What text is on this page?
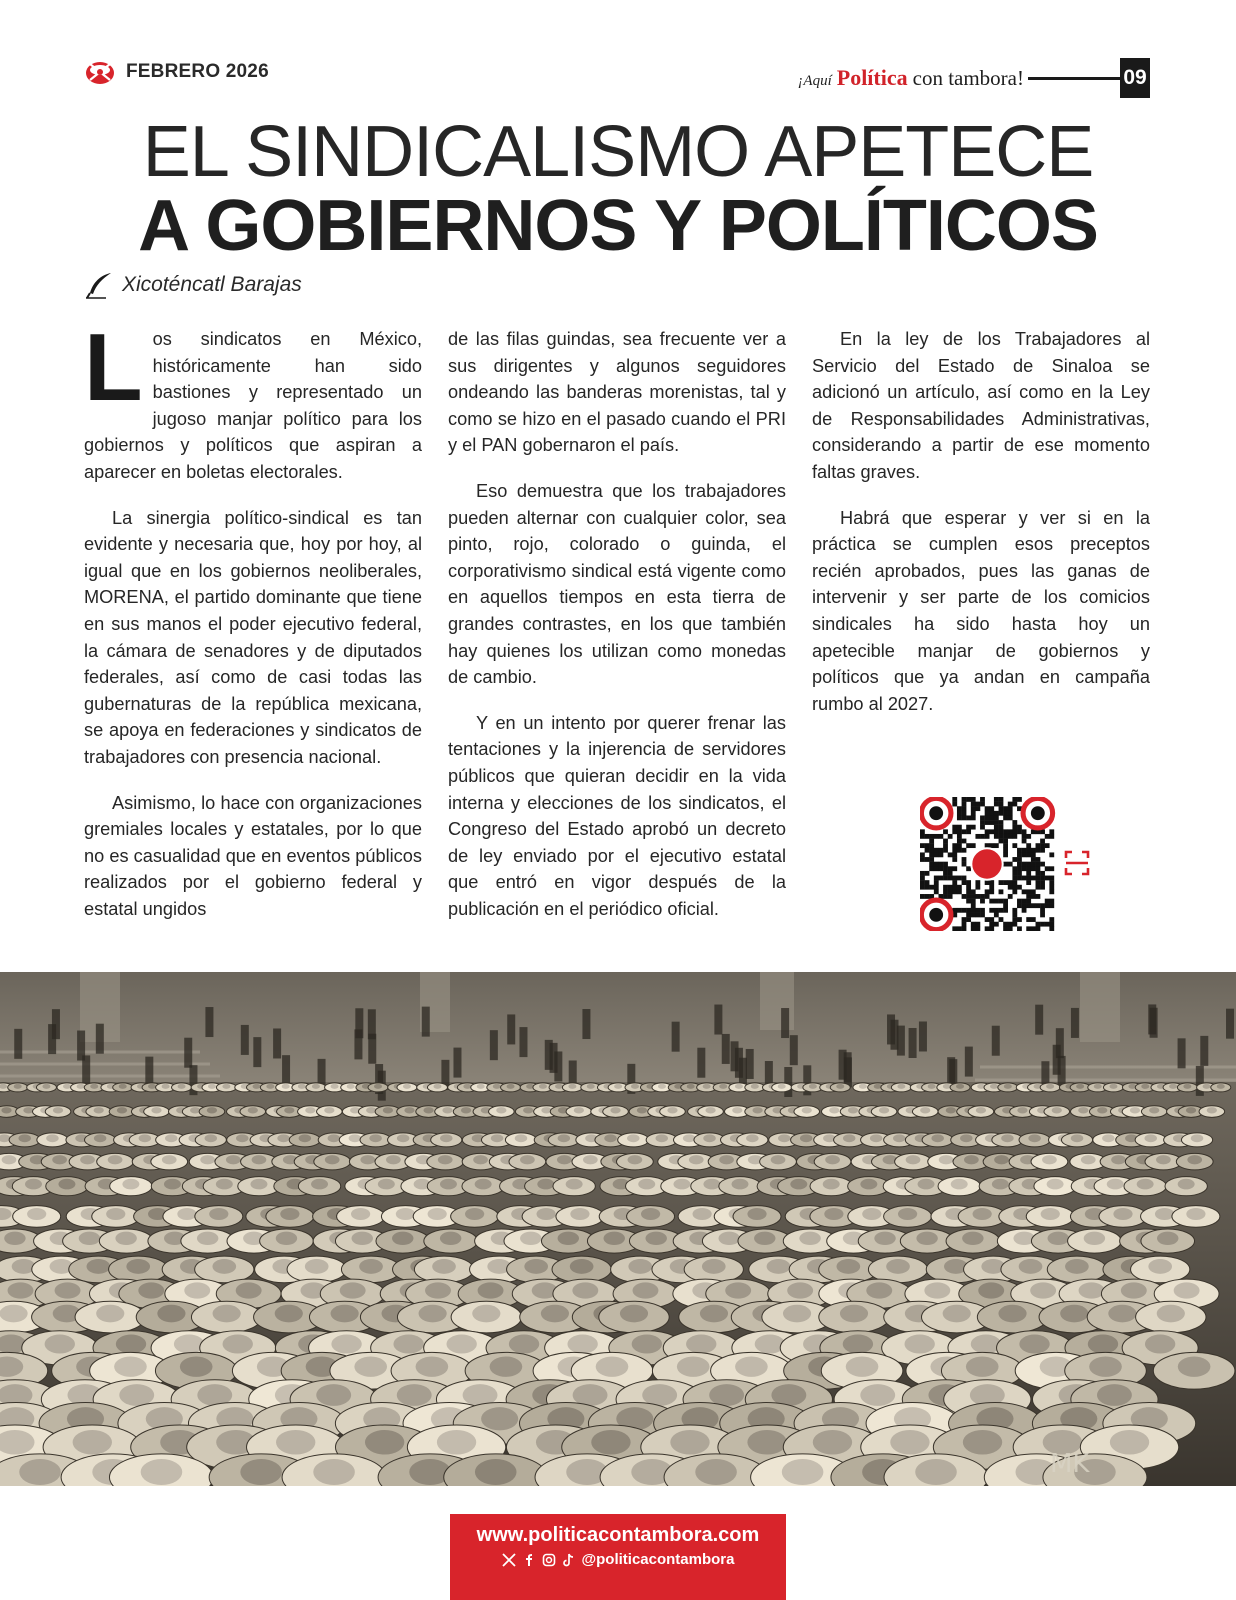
FEBRERO 2026	¡Aquí Política con tambora!	09
EL SINDICALISMO APETECE
A GOBIERNOS Y POLÍTICOS
Xicoténcatl Barajas

L os sindicatos en México, históricamente han sido bastiones y representado un jugoso manjar político para los gobiernos y políticos que aspiran a aparecer en boletas electorales.

La sinergia político-sindical es tan evidente y necesaria que, hoy por hoy, al igual que en los gobiernos neoliberales, MORENA, el partido dominante que tiene en sus manos el poder ejecutivo federal, la cámara de senadores y de diputados federales, así como de casi todas las gubernaturas de la república mexicana, se apoya en federaciones y sindicatos de trabajadores con presencia nacional.

Asimismo, lo hace con organizaciones gremiales locales y estatales, por lo que no es casualidad que en eventos públicos realizados por el gobierno federal y estatal ungidos

de las filas guindas, sea frecuente ver a sus dirigentes y algunos seguidores ondeando las banderas morenistas, tal y como se hizo en el pasado cuando el PRI y el PAN gobernaron el país.

Eso demuestra que los trabajadores pueden alternar con cualquier color, sea pinto, rojo, colorado o guinda, el corporativismo sindical está vigente como en aquellos tiempos en esta tierra de grandes contrastes, en los que también hay quienes los utilizan como monedas de cambio.

Y en un intento por querer frenar las tentaciones y la injerencia de servidores públicos que quieran decidir en la vida interna y elecciones de los sindicatos, el Congreso del Estado aprobó un decreto de ley enviado por el ejecutivo estatal que entró en vigor después de la publicación en el periódico oficial.

En la ley de los Trabajadores al Servicio del Estado de Sinaloa se adicionó un artículo, así como en la Ley de Responsabilidades Administrativas, considerando a partir de ese momento faltas graves.

Habrá que esperar y ver si en la práctica se cumplen esos preceptos recién aprobados, pues las ganas de intervenir y ser parte de los comicios sindicales ha sido hasta hoy un apetecible manjar de gobiernos y políticos que ya andan en campaña rumbo al 2027.

MK
www.politicacontambora.com
@politicacontambora
